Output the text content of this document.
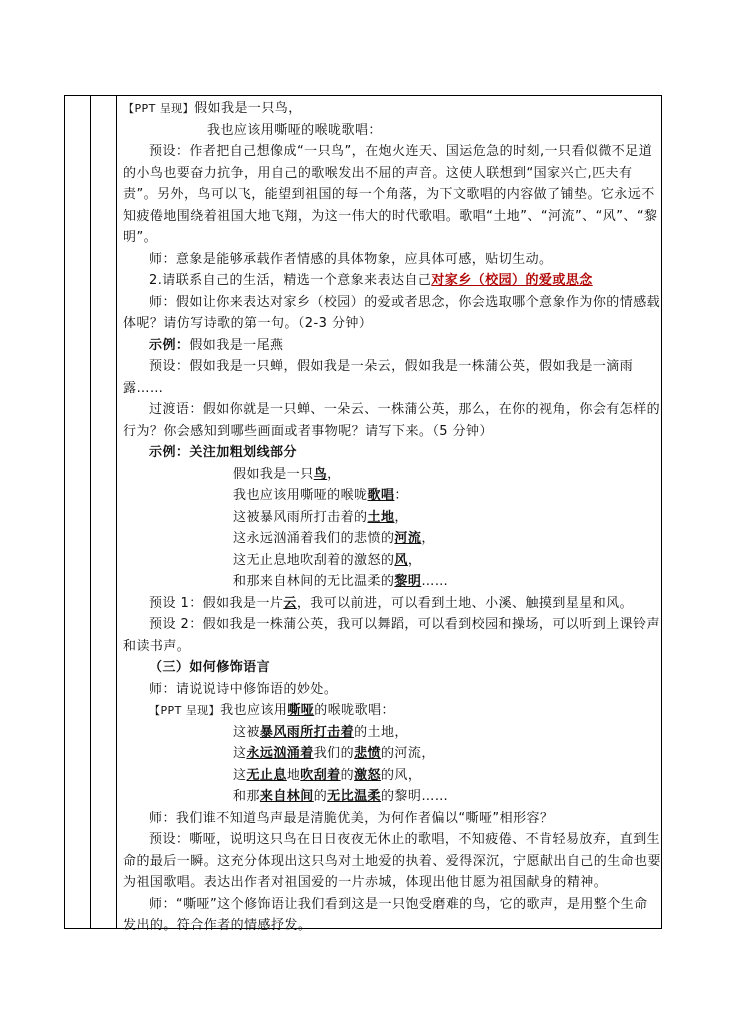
【PPT 呈现】假如我是一只鸟，

我也应该用嘶哑的喉咙歌唱：

预设：作者把自己想像成“一只鸟”，在炮火连天、国运危急的时刻,一只看似微不足道的小鸟也要奋力抗争，用自己的歌喉发出不屈的声音。这使人联想到“国家兴亡,匹夫有责”。另外，鸟可以飞，能望到祖国的每一个角落，为下文歌唱的内容做了铺垫。它永远不知疲倦地围绕着祖国大地飞翔，为这一伟大的时代歌唱。歌唱“土地”、“河流”、“风”、“黎明”。

师：意象是能够承载作者情感的具体物象，应具体可感，贴切生动。

2.请联系自己的生活，精选一个意象来表达自己对家乡（校园）的爱或思念

师：假如让你来表达对家乡（校园）的爱或者思念，你会选取哪个意象作为你的情感载体呢？请仿写诗歌的第一句。（2-3 分钟）

示例：假如我是一尾燕

预设：假如我是一只蝉，假如我是一朵云，假如我是一株蒲公英，假如我是一滴雨露……

过渡语：假如你就是一只蝉、一朵云、一株蒲公英，那么，在你的视角，你会有怎样的行为？你会感知到哪些画面或者事物呢？请写下来。（5 分钟）

示例：关注加粗划线部分

假如我是一只鸟，

我也应该用嘶哑的喉咙歌唱：

这被暴风雨所打击着的土地，

这永远汹涌着我们的悲愤的河流，

这无止息地吹刮着的激怒的风，

和那来自林间的无比温柔的黎明……

预设 1：假如我是一片云，我可以前进，可以看到土地、小溪、触摸到星星和风。

预设 2：假如我是一株蒲公英，我可以舞蹈，可以看到校园和操场，可以听到上课铃声和读书声。

（三）如何修饰语言

师：请说说诗中修饰语的妙处。

【PPT 呈现】我也应该用嘶哑的喉咙歌唱：

这被暴风雨所打击着的土地，

这永远汹涌着我们的悲愤的河流，

这无止息地吹刮着的激怒的风，

和那来自林间的无比温柔的黎明……

师：我们谁不知道鸟声最是清脆优美，为何作者偏以“嘶哑”相形容？

预设：嘶哑，说明这只鸟在日日夜夜无休止的歌唱，不知疲倦、不肯轻易放弃，直到生命的最后一瞬。这充分体现出这只鸟对土地爱的执着、爱得深沉，宁愿献出自己的生命也要为祖国歌唱。表达出作者对祖国爱的一片赤城，体现出他甘愿为祖国献身的精神。

师：“嘶哑”这个修饰语让我们看到这是一只饱受磨难的鸟，它的歌声，是用整个生命发出的。符合作者的情感抒发。
